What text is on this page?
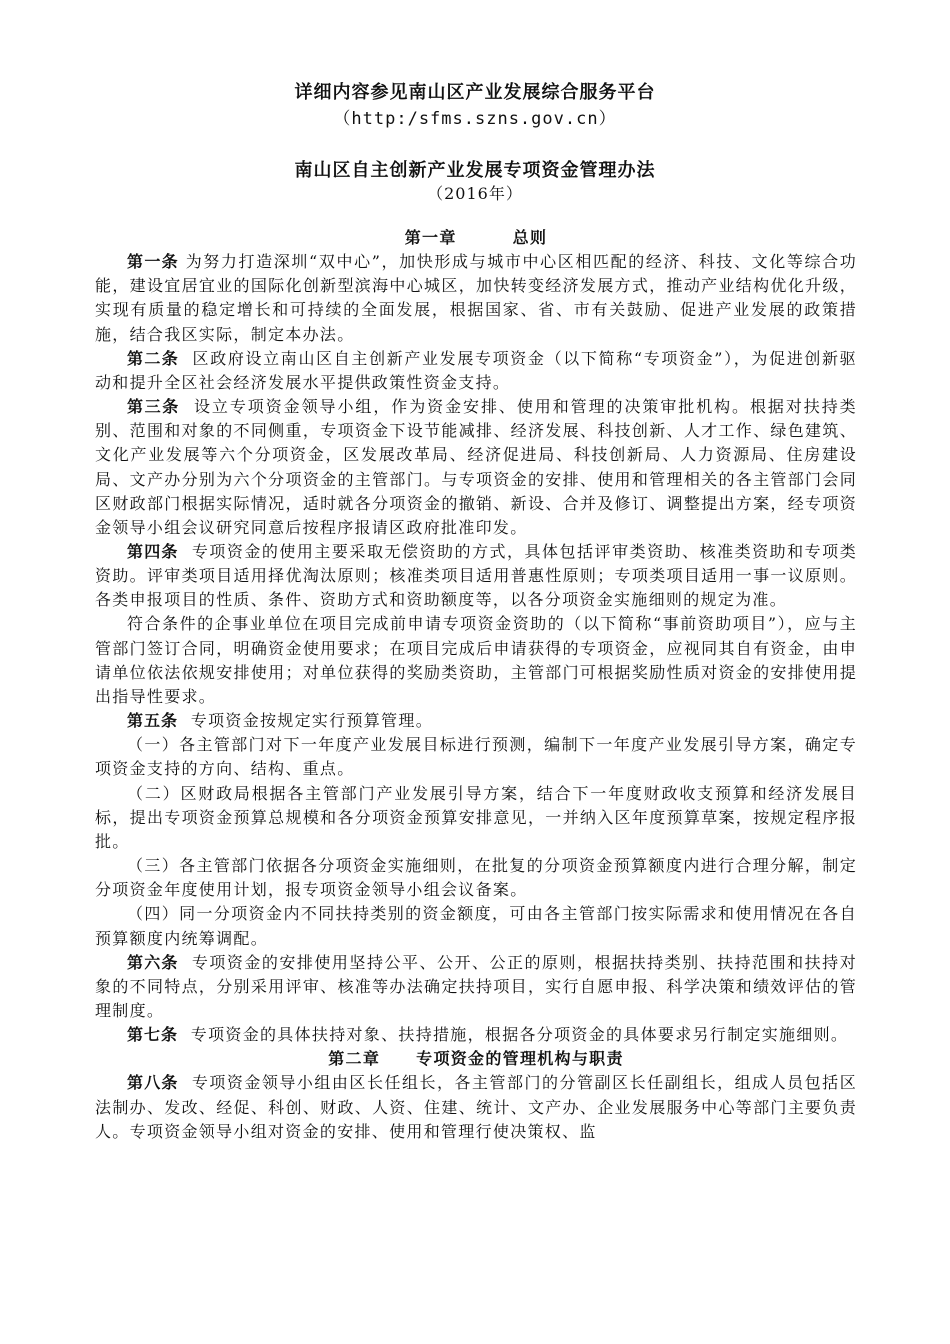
详细内容参见南山区产业发展综合服务平台
（http:/sfms.szns.gov.cn）
南山区自主创新产业发展专项资金管理办法
（2016年）
第一章	总则

第一条 为努力打造深圳“双中心”，加快形成与城市中心区相匹配的经济、科技、文化等综合功能，建设宜居宜业的国际化创新型滨海中心城区，加快转变经济发展方式，推动产业结构优化升级，实现有质量的稳定增长和可持续的全面发展，根据国家、省、市有关鼓励、促进产业发展的政策措施，结合我区实际，制定本办法。

第二条 区政府设立南山区自主创新产业发展专项资金（以下简称“专项资金”），为促进创新驱动和提升全区社会经济发展水平提供政策性资金支持。

第三条 设立专项资金领导小组，作为资金安排、使用和管理的决策审批机构。根据对扶持类别、范围和对象的不同侧重，专项资金下设节能减排、经济发展、科技创新、人才工作、绿色建筑、文化产业发展等六个分项资金，区发展改革局、经济促进局、科技创新局、人力资源局、住房建设局、文产办分别为六个分项资金的主管部门。与专项资金的安排、使用和管理相关的各主管部门会同区财政部门根据实际情况，适时就各分项资金的撤销、新设、合并及修订、调整提出方案，经专项资金领导小组会议研究同意后按程序报请区政府批准印发。

第四条 专项资金的使用主要采取无偿资助的方式，具体包括评审类资助、核准类资助和专项类资助。评审类项目适用择优淘汰原则；核准类项目适用普惠性原则；专项类项目适用一事一议原则。各类申报项目的性质、条件、资助方式和资助额度等，以各分项资金实施细则的规定为准。

符合条件的企事业单位在项目完成前申请专项资金资助的（以下简称“事前资助项目”），应与主管部门签订合同，明确资金使用要求；在项目完成后申请获得的专项资金，应视同其自有资金，由申请单位依法依规安排使用；对单位获得的奖励类资助，主管部门可根据奖励性质对资金的安排使用提出指导性要求。

第五条 专项资金按规定实行预算管理。

（一）各主管部门对下一年度产业发展目标进行预测，编制下一年度产业发展引导方案，确定专项资金支持的方向、结构、重点。

（二）区财政局根据各主管部门产业发展引导方案，结合下一年度财政收支预算和经济发展目标，提出专项资金预算总规模和各分项资金预算安排意见，一并纳入区年度预算草案，按规定程序报批。

（三）各主管部门依据各分项资金实施细则，在批复的分项资金预算额度内进行合理分解，制定分项资金年度使用计划，报专项资金领导小组会议备案。

（四）同一分项资金内不同扶持类别的资金额度，可由各主管部门按实际需求和使用情况在各自预算额度内统筹调配。

第六条 专项资金的安排使用坚持公平、公开、公正的原则，根据扶持类别、扶持范围和扶持对象的不同特点，分别采用评审、核准等办法确定扶持项目，实行自愿申报、科学决策和绩效评估的管理制度。

第七条 专项资金的具体扶持对象、扶持措施，根据各分项资金的具体要求另行制定实施细则。

第二章 专项资金的管理机构与职责

第八条 专项资金领导小组由区长任组长，各主管部门的分管副区长任副组长，组成人员包括区法制办、发改、经促、科创、财政、人资、住建、统计、文产办、企业发展服务中心等部门主要负责人。专项资金领导小组对资金的安排、使用和管理行使决策权、监
